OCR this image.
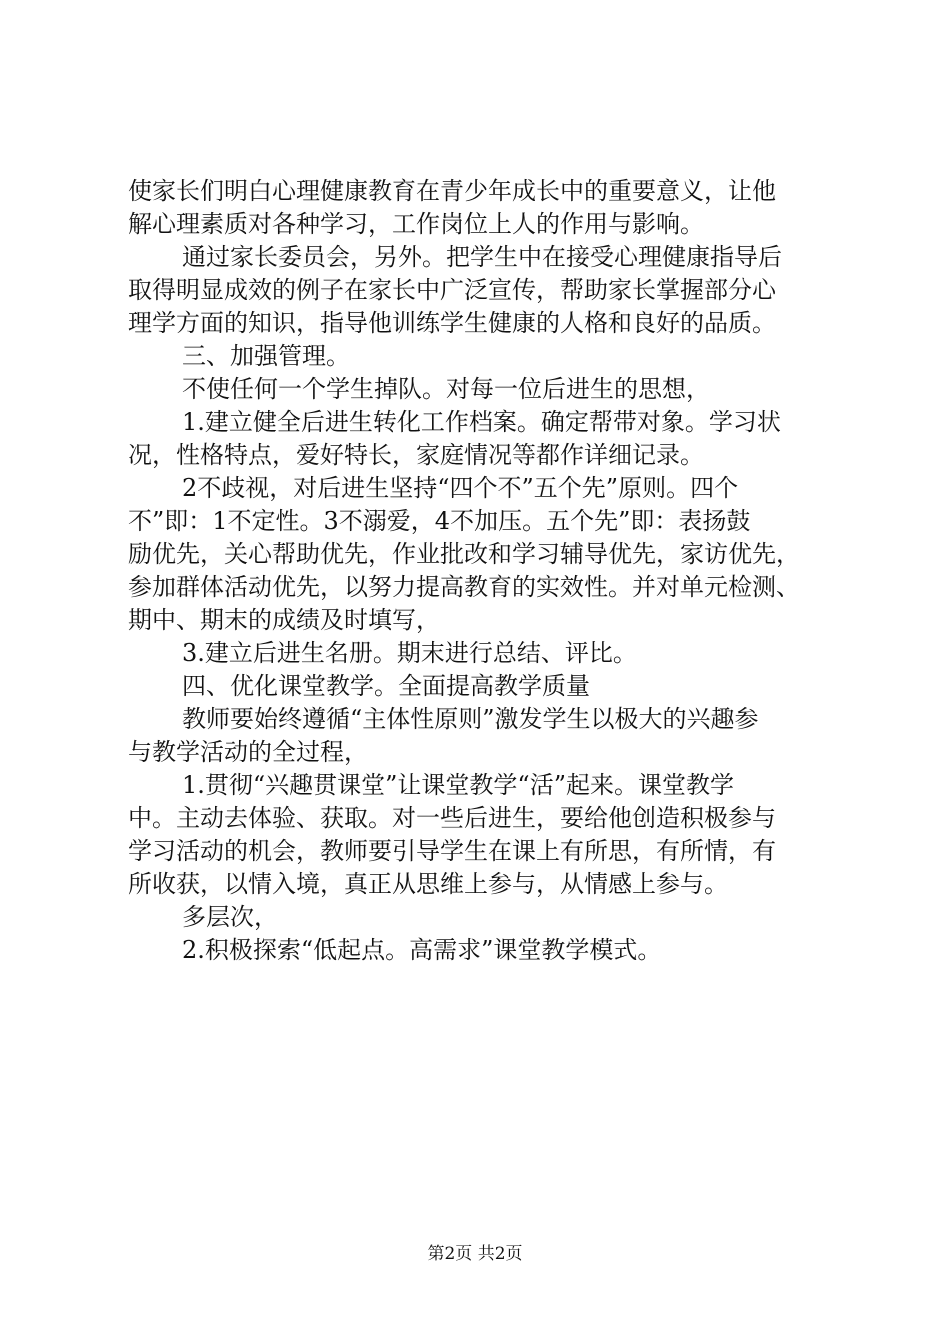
使家长们明白心理健康教育在青少年成长中的重要意义，让他
解心理素质对各种学习，工作岗位上人的作用与影响。
通过家长委员会，另外。把学生中在接受心理健康指导后
取得明显成效的例子在家长中广泛宣传，帮助家长掌握部分心
理学方面的知识，指导他训练学生健康的人格和良好的品质。
三、加强管理。
不使任何一个学生掉队。对每一位后进生的思想，
1.建立健全后进生转化工作档案。确定帮带对象。学习状
况，性格特点，爱好特长，家庭情况等都作详细记录。
2不歧视，对后进生坚持“四个不”五个先”原则。四个
不”即：1不定性。3不溺爱，4不加压。五个先”即：表扬鼓
励优先，关心帮助优先，作业批改和学习辅导优先，家访优先，
参加群体活动优先，以努力提高教育的实效性。并对单元检测、
期中、期末的成绩及时填写，
3.建立后进生名册。期末进行总结、评比。
四、优化课堂教学。全面提高教学质量
教师要始终遵循“主体性原则”激发学生以极大的兴趣参
与教学活动的全过程，
1.贯彻“兴趣贯课堂”让课堂教学“活”起来。课堂教学
中。主动去体验、获取。对一些后进生，要给他创造积极参与
学习活动的机会，教师要引导学生在课上有所思，有所情，有
所收获，以情入境，真正从思维上参与，从情感上参与。
多层次，
2.积极探索“低起点。高需求”课堂教学模式。
第2页 共2页
